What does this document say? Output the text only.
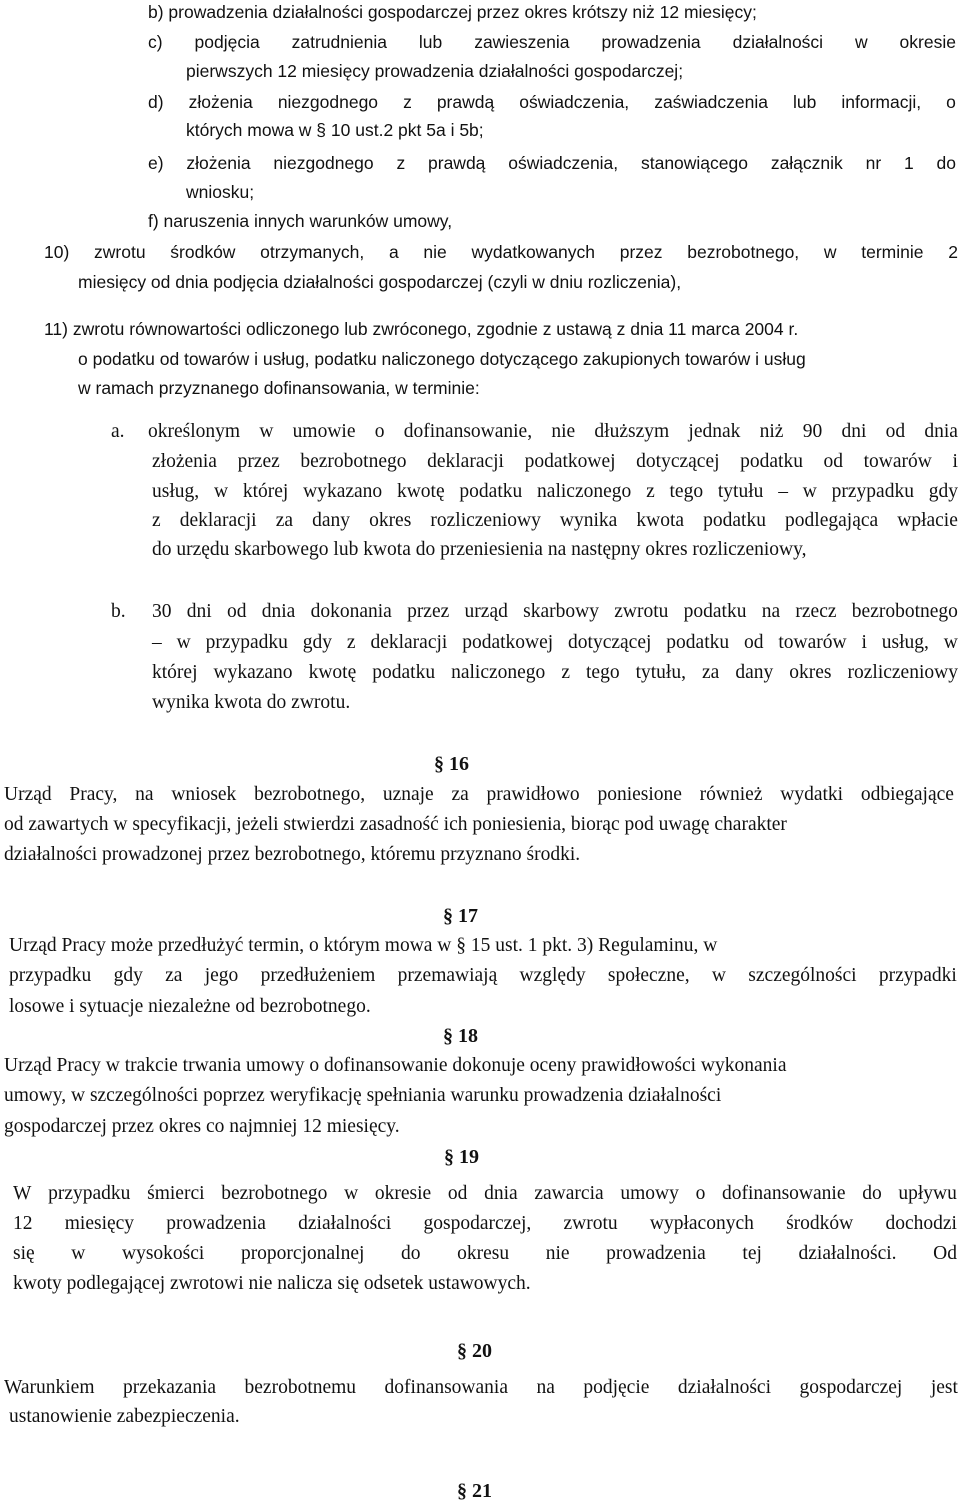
b) prowadzenia działalności gospodarczej przez okres krótszy niż 12 miesięcy;
c) podjęcia zatrudnienia lub zawieszenia prowadzenia działalności w okresie
pierwszych 12 miesięcy prowadzenia działalności gospodarczej;
d) złożenia niezgodnego z prawdą oświadczenia, zaświadczenia lub informacji, o
których mowa w § 10 ust.2 pkt 5a i 5b;
e) złożenia niezgodnego z prawdą oświadczenia, stanowiącego załącznik nr 1 do
wniosku;
f) naruszenia innych warunków umowy,
10) zwrotu środków otrzymanych, a nie wydatkowanych przez bezrobotnego, w terminie 2
miesięcy od dnia podjęcia działalności gospodarczej (czyli w dniu rozliczenia),
11) zwrotu równowartości odliczonego lub zwróconego, zgodnie z ustawą z dnia 11 marca 2004 r.
o podatku od towarów i usług, podatku naliczonego dotyczącego zakupionych towarów i usług
w ramach przyznanego dofinansowania, w terminie:
a. określonym w umowie o dofinansowanie, nie dłuższym jednak niż 90 dni od dnia
złożenia przez bezrobotnego deklaracji podatkowej dotyczącej podatku od towarów i
usług, w której wykazano kwotę podatku naliczonego z tego tytułu – w przypadku gdy
z deklaracji za dany okres rozliczeniowy wynika kwota podatku podlegająca wpłacie
do urzędu skarbowego lub kwota do przeniesienia na następny okres rozliczeniowy,
b. 30 dni od dnia dokonania przez urząd skarbowy zwrotu podatku na rzecz bezrobotnego
– w przypadku gdy z deklaracji podatkowej dotyczącej podatku od towarów i usług, w
której wykazano kwotę podatku naliczonego z tego tytułu, za dany okres rozliczeniowy
wynika kwota do zwrotu.
§ 16
Urząd Pracy, na wniosek bezrobotnego, uznaje za prawidłowo poniesione również wydatki odbiegające
od zawartych w specyfikacji, jeżeli stwierdzi zasadność ich poniesienia, biorąc pod uwagę charakter
działalności prowadzonej przez bezrobotnego, któremu przyznano środki.
§ 17
Urząd Pracy może przedłużyć termin, o którym mowa w § 15 ust. 1 pkt. 3) Regulaminu, w
przypadku gdy za jego przedłużeniem przemawiają względy społeczne, w szczególności przypadki
losowe i sytuacje niezależne od bezrobotnego.
§ 18
Urząd Pracy w trakcie trwania umowy o dofinansowanie dokonuje oceny prawidłowości wykonania
umowy, w szczególności poprzez weryfikację spełniania warunku prowadzenia działalności
gospodarczej przez okres co najmniej 12 miesięcy.
§ 19
W przypadku śmierci bezrobotnego w okresie od dnia zawarcia umowy o dofinansowanie do upływu
12 miesięcy prowadzenia działalności gospodarczej, zwrotu wypłaconych środków dochodzi
się w wysokości proporcjonalnej do okresu nie prowadzenia tej działalności. Od
kwoty podlegającej zwrotowi nie nalicza się odsetek ustawowych.
§ 20
Warunkiem przekazania bezrobotnemu dofinansowania na podjęcie działalności gospodarczej jest
ustanowienie zabezpieczenia.
§ 21
